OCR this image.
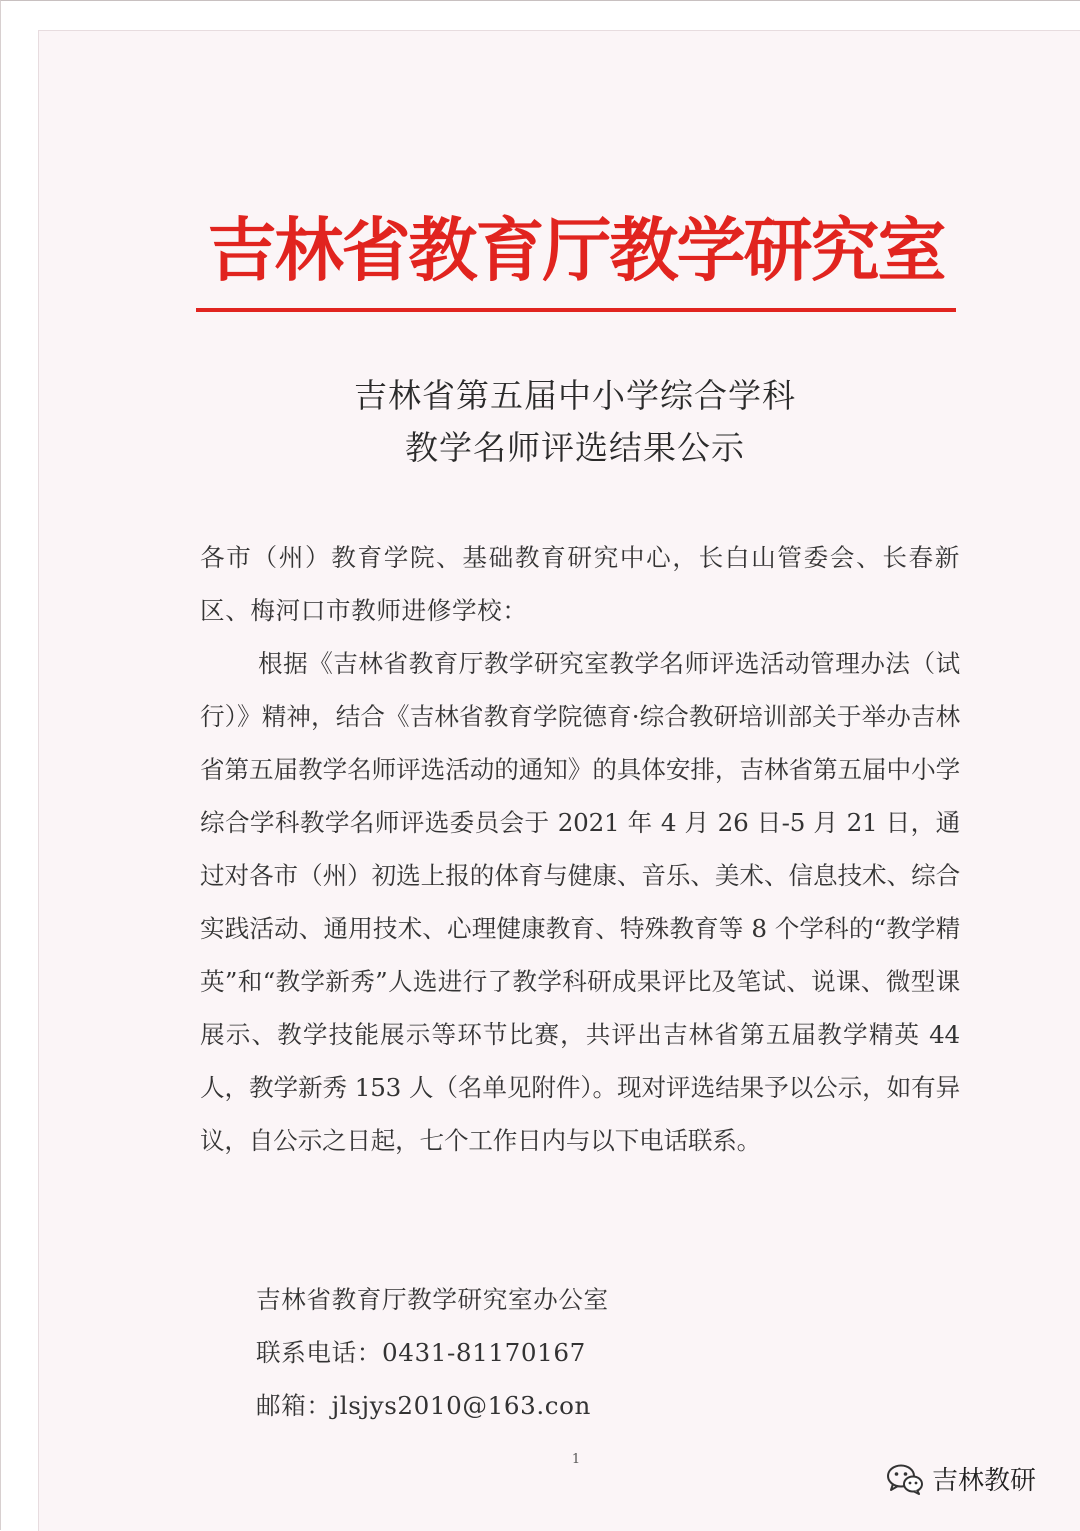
吉林省教育厅教学研究室
吉林省第五届中小学综合学科
教学名师评选结果公示

各市（州）教育学院、基础教育研究中心，长白山管委会、长春新区、梅河口市教师进修学校：

根据《吉林省教育厅教学研究室教学名师评选活动管理办法（试行）》精神，结合《吉林省教育学院德育·综合教研培训部关于举办吉林省第五届教学名师评选活动的通知》的具体安排，吉林省第五届中小学综合学科教学名师评选委员会于 2021 年 4 月 26 日-5 月 21 日，通过对各市（州）初选上报的体育与健康、音乐、美术、信息技术、综合实践活动、通用技术、心理健康教育、特殊教育等 8 个学科的“教学精英”和“教学新秀”人选进行了教学科研成果评比及笔试、说课、微型课展示、教学技能展示等环节比赛，共评出吉林省第五届教学精英 44 人，教学新秀 153 人（名单见附件）。现对评选结果予以公示，如有异议，自公示之日起，七个工作日内与以下电话联系。

吉林省教育厅教学研究室办公室
联系电话：0431-81170167
邮箱：jlsjys2010@163.con
1
吉林教研
